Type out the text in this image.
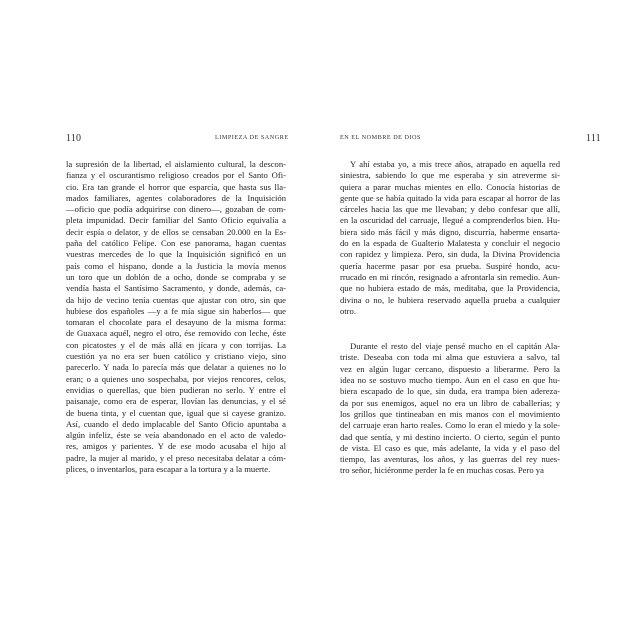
110	LIMPIEZA DE SANGRE
la supresión de la libertad, el aislamiento cultural, la descon-
fianza y el oscurantismo religioso creados por el Santo Ofi-
cio. Era tan grande el horror que esparcía, que hasta sus lla-
mados familiares, agentes colaboradores de la Inquisición
—oficio que podía adquirirse con dinero—, gozaban de com-
pleta impunidad. Decir familiar del Santo Oficio equivalía a
decir espía o delator, y de ellos se censaban 20.000 en la Es-
paña del católico Felipe. Con ese panorama, hagan cuentas
vuestras mercedes de lo que la Inquisición significó en un
país como el hispano, donde a la Justicia la movía menos
un toro que un doblón de a ocho, donde se compraba y se
vendía hasta el Santísimo Sacramento, y donde, además, ca-
da hijo de vecino tenía cuentas que ajustar con otro, sin que
hubiese dos españoles —y a fe mía sigue sin haberlos— que
tomaran el chocolate para el desayuno de la misma forma:
de Guaxaca aquél, negro el otro, ése removido con leche, éste
con picatostes y el de más allá en jícara y con torrijas. La
cuestión ya no era ser buen católico y cristiano viejo, sino
parecerlo. Y nada lo parecía más que delatar a quienes no lo
eran; o a quienes uno sospechaba, por viejos rencores, celos,
envidias o querellas, que bien pudieran no serlo. Y entre el
paisanaje, como era de esperar, llovían las denuncias, y el sé
de buena tinta, y el cuentan que, igual que si cayese granizo.
Así, cuando el dedo implacable del Santo Oficio apuntaba a
algún infeliz, éste se veía abandonado en el acto de valedo-
res, amigos y parientes. Y de ese modo acusaba el hijo al
padre, la mujer al marido, y el preso necesitaba delatar a cóm-
plices, o inventarlos, para escapar a la tortura y a la muerte.
EN EL NOMBRE DE DIOS	111
Y ahí estaba yo, a mis trece años, atrapado en aquella red
siniestra, sabiendo lo que me esperaba y sin atreverme si-
quiera a parar muchas mientes en ello. Conocía historias de
gente que se había quitado la vida para escapar al horror de las
cárceles hacia las que me llevaban; y debo confesar que allí,
en la oscuridad del carruaje, llegué a comprenderlos bien. Hu-
biera sido más fácil y más digno, discurría, haberme ensarta-
do en la espada de Gualterio Malatesta y concluir el negocio
con rapidez y limpieza. Pero, sin duda, la Divina Providencia
quería hacerme pasar por esa prueba. Suspiré hondo, acu-
rrucado en mi rincón, resignado a afrontarla sin remedio. Aun-
que no hubiera estado de más, meditaba, que la Providencia,
divina o no, le hubiera reservado aquella prueba a cualquier
otro.
Durante el resto del viaje pensé mucho en el capitán Ala-
triste. Deseaba con toda mi alma que estuviera a salvo, tal
vez en algún lugar cercano, dispuesto a liberarme. Pero la
idea no se sostuvo mucho tiempo. Aun en el caso en que hu-
biera escapado de lo que, sin duda, era trampa bien adereza-
da por sus enemigos, aquel no era un libro de caballerías; y
los grillos que tintineaban en mis manos con el movimiento
del carruaje eran harto reales. Como lo eran el miedo y la sole-
dad que sentía, y mi destino incierto. O cierto, según el punto
de vista. El caso es que, más adelante, la vida y el paso del
tiempo, las aventuras, los años, y las guerras del rey nues-
tro señor, hiciéronme perder la fe en muchas cosas. Pero ya
